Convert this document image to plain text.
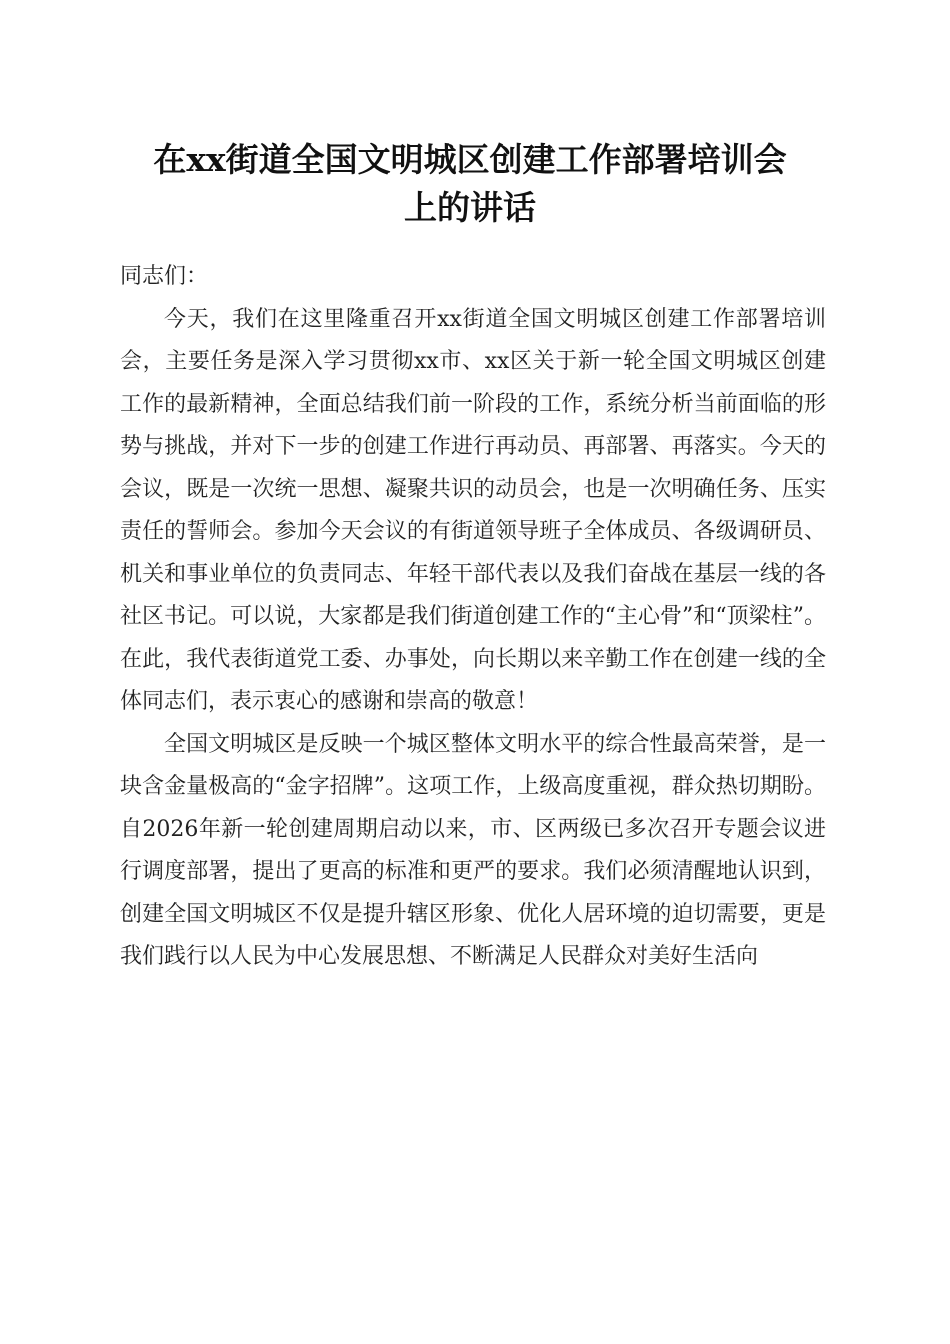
在xx街道全国文明城区创建工作部署培训会
上的讲话

同志们：

今天，我们在这里隆重召开xx街道全国文明城区创建工作部署培训会，主要任务是深入学习贯彻xx市、xx区关于新一轮全国文明城区创建工作的最新精神，全面总结我们前一阶段的工作，系统分析当前面临的形势与挑战，并对下一步的创建工作进行再动员、再部署、再落实。今天的会议，既是一次统一思想、凝聚共识的动员会，也是一次明确任务、压实责任的誓师会。参加今天会议的有街道领导班子全体成员、各级调研员、机关和事业单位的负责同志、年轻干部代表以及我们奋战在基层一线的各社区书记。可以说，大家都是我们街道创建工作的“主心骨”和“顶梁柱”。在此，我代表街道党工委、办事处，向长期以来辛勤工作在创建一线的全体同志们，表示衷心的感谢和崇高的敬意！

全国文明城区是反映一个城区整体文明水平的综合性最高荣誉，是一块含金量极高的“金字招牌”。这项工作，上级高度重视，群众热切期盼。自2026年新一轮创建周期启动以来，市、区两级已多次召开专题会议进行调度部署，提出了更高的标准和更严的要求。我们必须清醒地认识到，创建全国文明城区不仅是提升辖区形象、优化人居环境的迫切需要，更是我们践行以人民为中心发展思想、不断满足人民群众对美好生活向
